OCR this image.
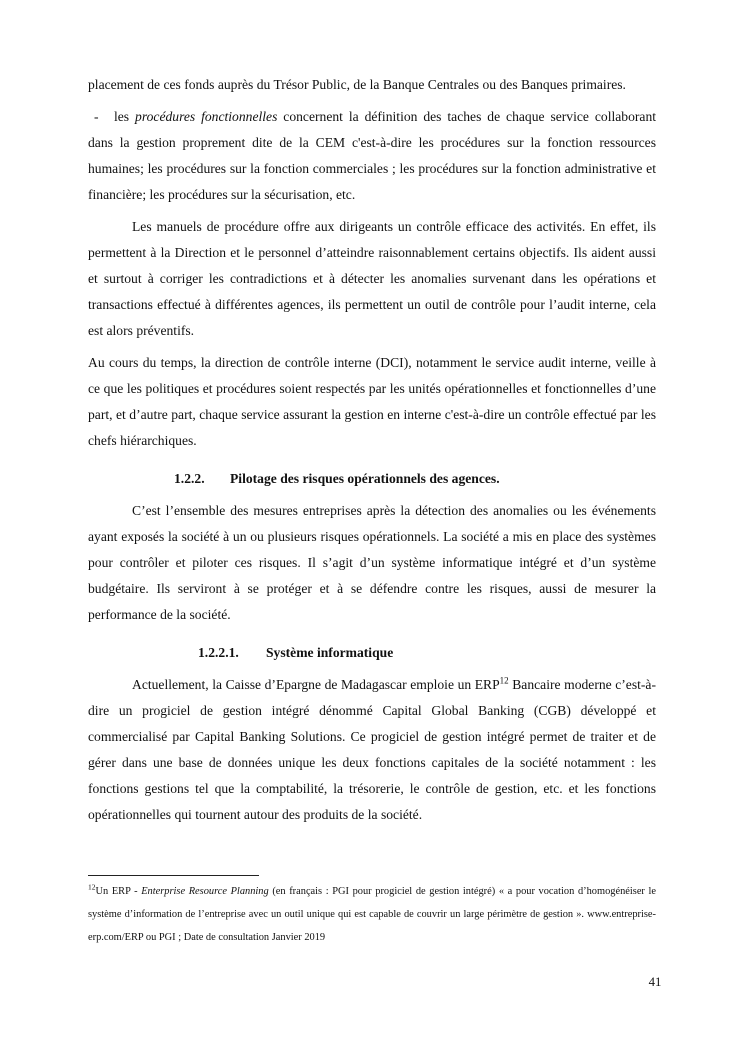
placement de ces fonds auprès du Trésor Public, de la Banque Centrales ou des Banques primaires.

- les procédures fonctionnelles concernent la définition des taches de chaque service collaborant dans la gestion proprement dite de la CEM c'est-à-dire les procédures sur la fonction ressources humaines; les procédures sur la fonction commerciales ; les procédures sur la fonction administrative et financière; les procédures sur la sécurisation, etc.

Les manuels de procédure offre aux dirigeants un contrôle efficace des activités. En effet, ils permettent à la Direction et le personnel d’atteindre raisonnablement certains objectifs. Ils aident aussi et surtout à corriger les contradictions et à détecter les anomalies survenant dans les opérations et transactions effectué à différentes agences, ils permettent un outil de contrôle pour l’audit interne, cela est alors préventifs.

Au cours du temps, la direction de contrôle interne (DCI), notamment le service audit interne, veille à ce que les politiques et procédures soient respectés par les unités opérationnelles et fonctionnelles d’une part, et d’autre part, chaque service assurant la gestion en interne c'est-à-dire un contrôle effectué par les chefs hiérarchiques.

1.2.2. Pilotage des risques opérationnels des agences.

C’est l’ensemble des mesures entreprises après la détection des anomalies ou les événements ayant exposés la société à un ou plusieurs risques opérationnels. La société a mis en place des systèmes pour contrôler et piloter ces risques. Il s’agit d’un système informatique intégré et d’un système budgétaire. Ils serviront à se protéger et à se défendre contre les risques, aussi de mesurer la performance de la société.

1.2.2.1. Système informatique

Actuellement, la Caisse d’Epargne de Madagascar emploie un ERP$^{12}$ Bancaire moderne c’est-à-dire un progiciel de gestion intégré dénommé Capital Global Banking (CGB) développé et commercialisé par Capital Banking Solutions. Ce progiciel de gestion intégré permet de traiter et de gérer dans une base de données unique les deux fonctions capitales de la société notamment : les fonctions gestions tel que la comptabilité, la trésorerie, le contrôle de gestion, etc. et les fonctions opérationnelles qui tournent autour des produits de la société.

$^{12}$Un ERP - Enterprise Resource Planning (en français : PGI pour progiciel de gestion intégré) « a pour vocation d’homogénéiser le système d’information de l’entreprise avec un outil unique qui est capable de couvrir un large périmètre de gestion ». www.entreprise-erp.com/ERP ou PGI ; Date de consultation Janvier 2019
41
